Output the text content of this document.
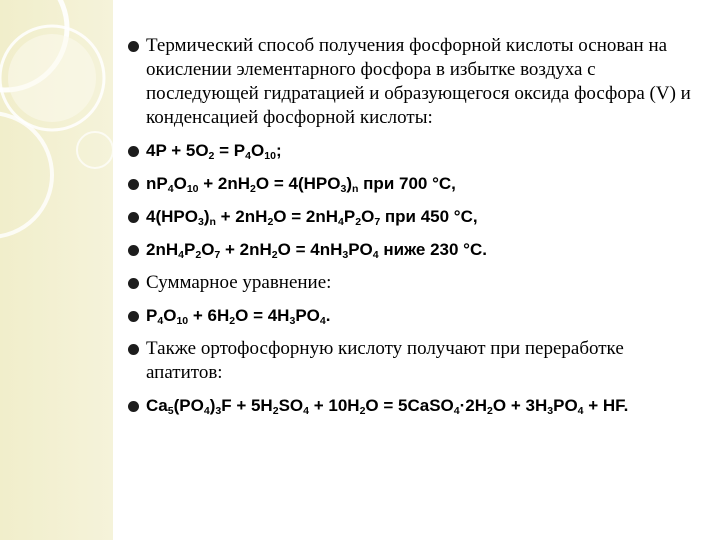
Термический способ получения фосфорной кислоты основан на окислении элементарного фосфора в избытке воздуха с последующей гидратацией и образующегося оксида фосфора (V) и конденсацией фосфорной кислоты:
$4P + 5O_2 = P_4O_{10}$;
$nP_4O_{10} + 2nH_2O = 4(HPO_3)_n$ при 700 °C,
$4(HPO_3)_n + 2nH_2O = 2nH_4P_2O_7$ при 450 °C,
$2nH_4P_2O_7 + 2nH_2O = 4nH_3PO_4$ ниже 230 °C.
Суммарное уравнение:
$P_4O_{10} + 6H_2O = 4H_3PO_4$.
Также ортофосфорную кислоту получают при переработке апатитов:
$Ca_5(PO_4)_3F + 5H_2SO_4 + 10H_2O$ = $5CaSO_4\cdot 2H_2O + 3H_3PO_4$ + HF.
